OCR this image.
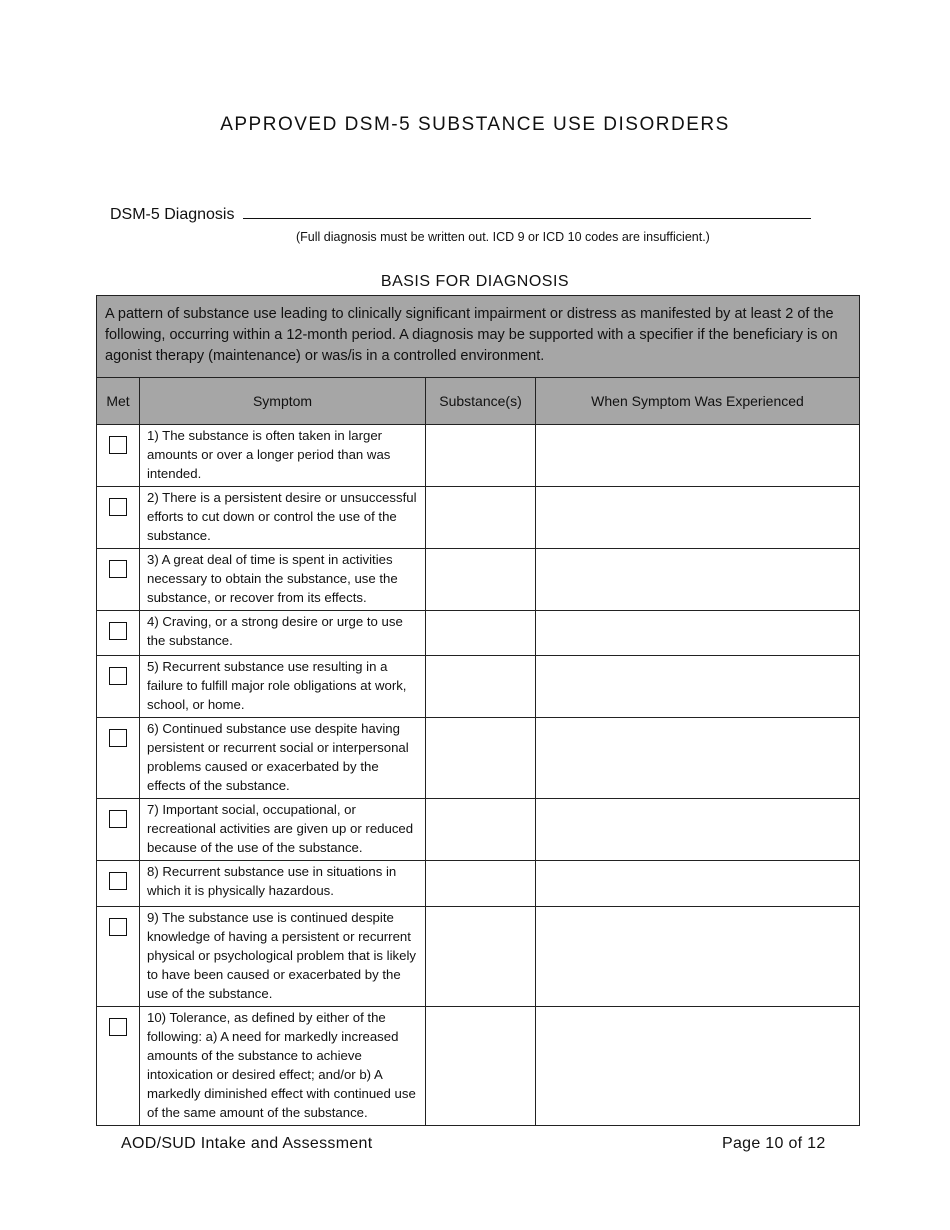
APPROVED DSM-5 SUBSTANCE USE DISORDERS
DSM-5 Diagnosis
(Full diagnosis must be written out. ICD 9 or ICD 10 codes are insufficient.)
BASIS FOR DIAGNOSIS
A pattern of substance use leading to clinically significant impairment or distress as manifested by at least 2 of the following, occurring within a 12-month period. A diagnosis may be supported with a specifier if the beneficiary is on agonist therapy (maintenance) or was/is in a controlled environment.			
Met	Symptom	Substance(s)	When Symptom Was Experienced
	1) The substance is often taken in larger amounts or over a longer period than was intended.		
	2) There is a persistent desire or unsuccessful efforts to cut down or control the use of the substance.		
	3) A great deal of time is spent in activities necessary to obtain the substance, use the substance, or recover from its effects.		
	4) Craving, or a strong desire or urge to use the substance.		
	5) Recurrent substance use resulting in a failure to fulfill major role obligations at work, school, or home.		
	6) Continued substance use despite having persistent or recurrent social or interpersonal problems caused or exacerbated by the effects of the substance.		
	7) Important social, occupational, or recreational activities are given up or reduced because of the use of the substance.		
	8) Recurrent substance use in situations in which it is physically hazardous.		
	9) The substance use is continued despite knowledge of having a persistent or recurrent physical or psychological problem that is likely to have been caused or exacerbated by the use of the substance.		
	10) Tolerance, as defined by either of the following: a) A need for markedly increased amounts of the substance to achieve intoxication or desired effect; and/or b) A markedly diminished effect with continued use of the same amount of the substance.		
AOD/SUD Intake and Assessment	Page 10 of 12
